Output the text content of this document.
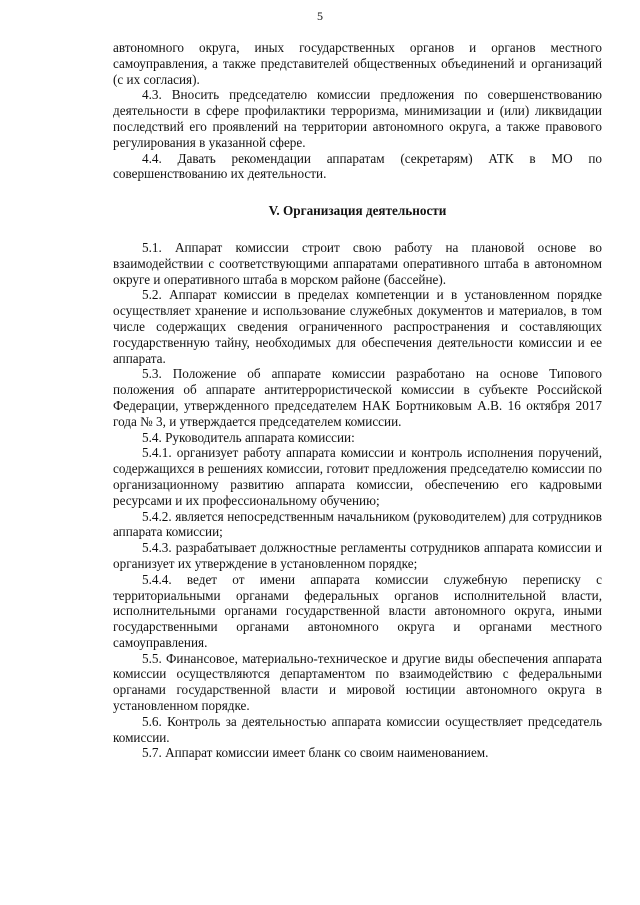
5

автономного округа, иных государственных органов и органов местного самоуправления, а также представителей общественных объединений и организаций (с их согласия).

4.3. Вносить председателю комиссии предложения по совершенствованию деятельности в сфере профилактики терроризма, минимизации и (или) ликвидации последствий его проявлений на территории автономного округа, а также правового регулирования в указанной сфере.

4.4. Давать рекомендации аппаратам (секретарям) АТК в МО по совершенствованию их деятельности.

V. Организация деятельности

5.1. Аппарат комиссии строит свою работу на плановой основе во взаимодействии с соответствующими аппаратами оперативного штаба в автономном округе и оперативного штаба в морском районе (бассейне).

5.2. Аппарат комиссии в пределах компетенции и в установленном порядке осуществляет хранение и использование служебных документов и материалов, в том числе содержащих сведения ограниченного распространения и составляющих государственную тайну, необходимых для обеспечения деятельности комиссии и ее аппарата.

5.3. Положение об аппарате комиссии разработано на основе Типового положения об аппарате антитеррористической комиссии в субъекте Российской Федерации, утвержденного председателем НАК Бортниковым А.В. 16 октября 2017 года № 3, и утверждается председателем комиссии.

5.4. Руководитель аппарата комиссии:

5.4.1. организует работу аппарата комиссии и контроль исполнения поручений, содержащихся в решениях комиссии, готовит предложения председателю комиссии по организационному развитию аппарата комиссии, обеспечению его кадровыми ресурсами и их профессиональному обучению;

5.4.2. является непосредственным начальником (руководителем) для сотрудников аппарата комиссии;

5.4.3. разрабатывает должностные регламенты сотрудников аппарата комиссии и организует их утверждение в установленном порядке;

5.4.4. ведет от имени аппарата комиссии служебную переписку с территориальными органами федеральных органов исполнительной власти, исполнительными органами государственной власти автономного округа, иными государственными органами автономного округа и органами местного самоуправления.

5.5. Финансовое, материально-техническое и другие виды обеспечения аппарата комиссии осуществляются департаментом по взаимодействию с федеральными органами государственной власти и мировой юстиции автономного округа в установленном порядке.

5.6. Контроль за деятельностью аппарата комиссии осуществляет председатель комиссии.

5.7. Аппарат комиссии имеет бланк со своим наименованием.
